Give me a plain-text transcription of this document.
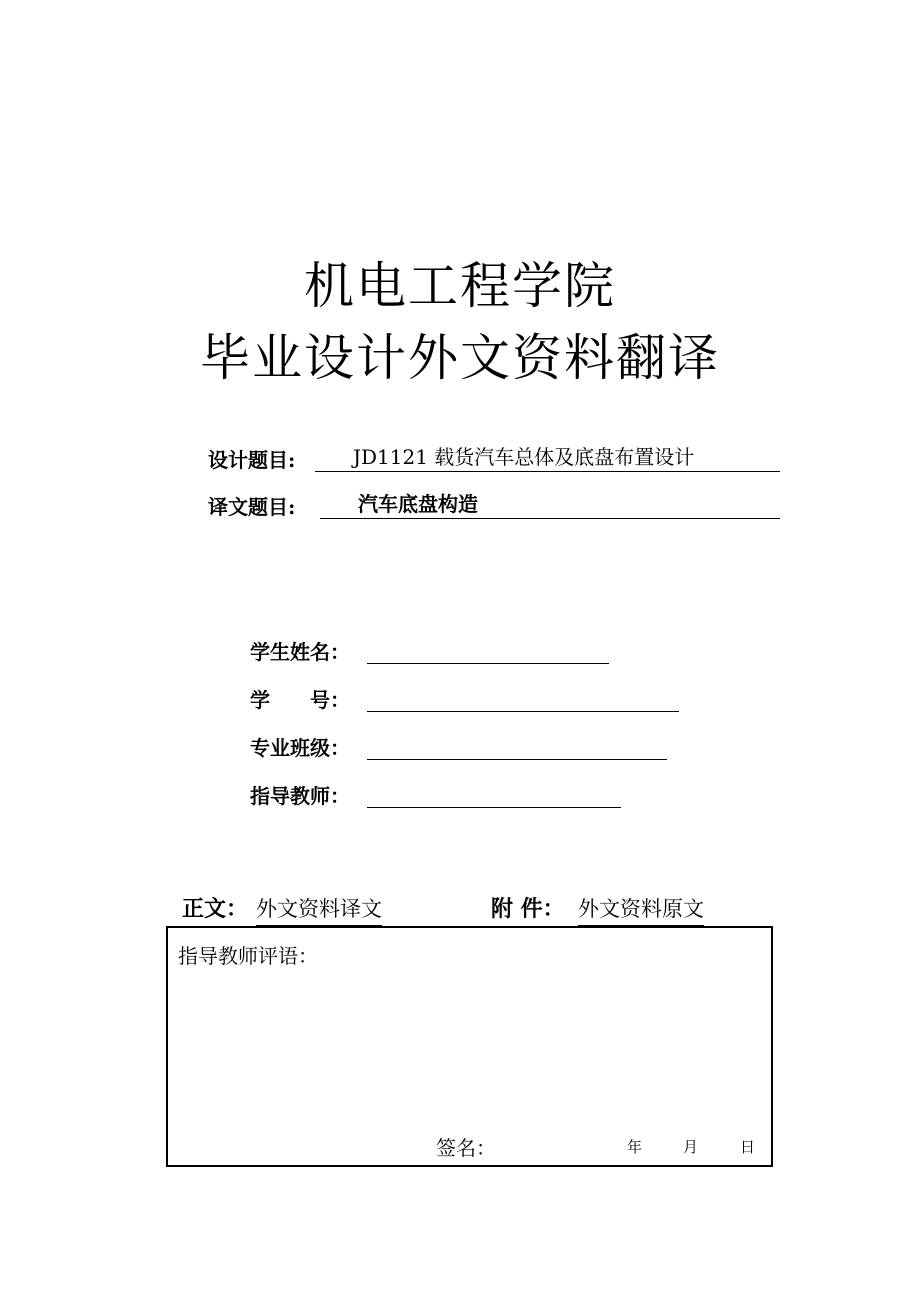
机电工程学院
毕业设计外文资料翻译
设计题目:	JD1121 载货汽车总体及底盘布置设计
译文题目:	汽车底盘构造
学生姓名：
学　　号：
专业班级：
指导教师：
正文： 外文资料译文	附 件： 外文资料原文
指导教师评语：
签名：	年	月	日
